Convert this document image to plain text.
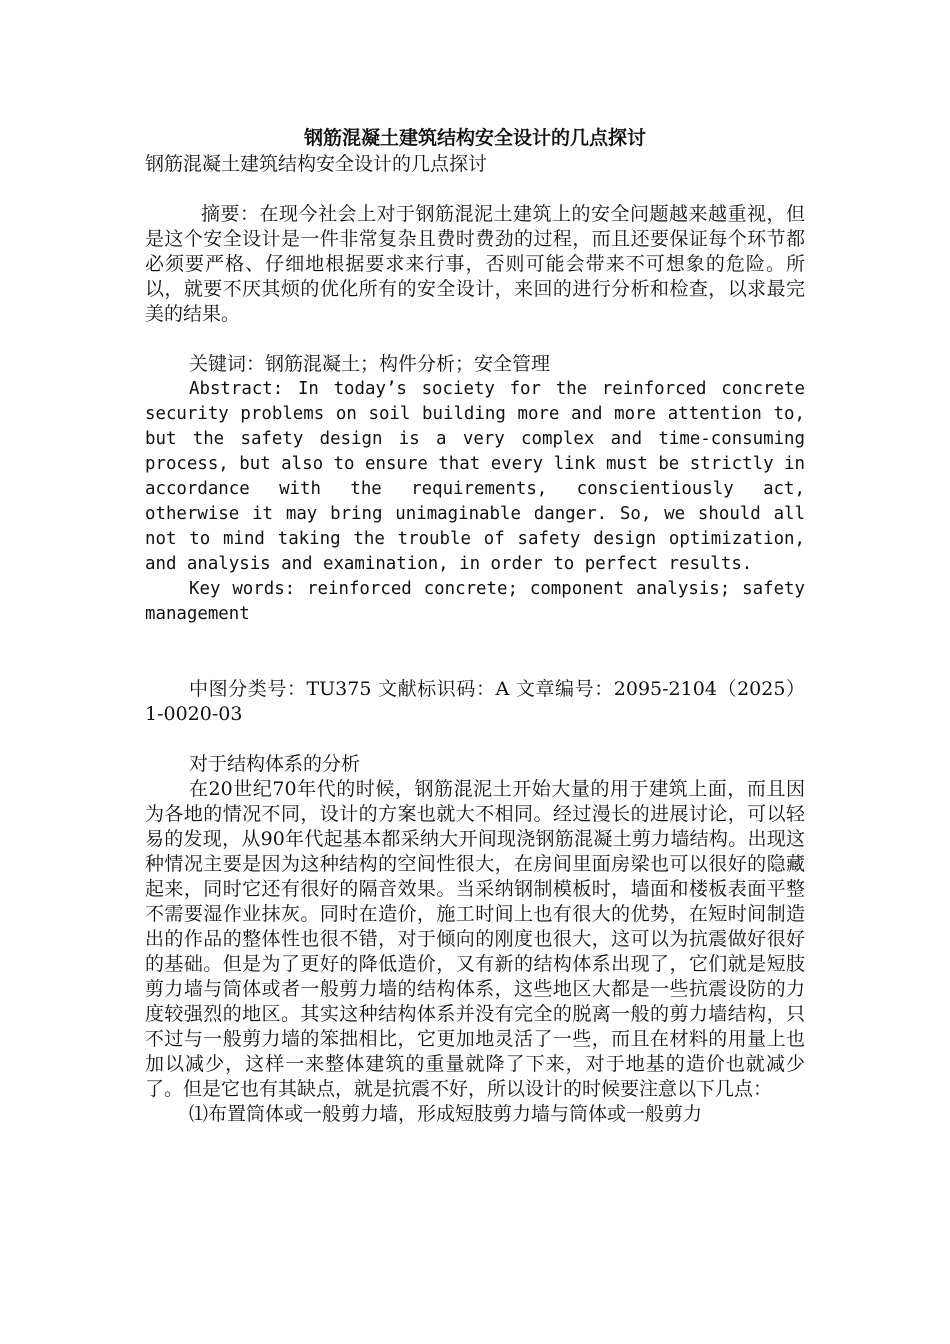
钢筋混凝土建筑结构安全设计的几点探讨

钢筋混凝土建筑结构安全设计的几点探讨

摘要：在现今社会上对于钢筋混泥土建筑上的安全问题越来越重视，但是这个安全设计是一件非常复杂且费时费劲的过程，而且还要保证每个环节都必须要严格、仔细地根据要求来行事，否则可能会带来不可想象的危险。所以，就要不厌其烦的优化所有的安全设计，来回的进行分析和检查，以求最完美的结果。

关键词：钢筋混凝土；构件分析；安全管理

Abstract: In today’s society for the reinforced concrete security problems on soil building more and more attention to, but the safety design is a very complex and time-consuming process, but also to ensure that every link must be strictly in accordance with the requirements, conscientiously act, otherwise it may bring unimaginable danger. So, we should all not to mind taking the trouble of safety design optimization, and analysis and examination, in order to perfect results.

Key words: reinforced concrete; component analysis; safety management

中图分类号：TU375 文献标识码：A 文章编号：2095-2104（2025）1-0020-03

对于结构体系的分析

在20世纪70年代的时候，钢筋混泥土开始大量的用于建筑上面，而且因为各地的情况不同，设计的方案也就大不相同。经过漫长的进展讨论，可以轻易的发现，从90年代起基本都采纳大开间现浇钢筋混凝土剪力墙结构。出现这种情况主要是因为这种结构的空间性很大，在房间里面房梁也可以很好的隐藏起来，同时它还有很好的隔音效果。当采纳钢制模板时，墙面和楼板表面平整不需要湿作业抹灰。同时在造价，施工时间上也有很大的优势，在短时间制造出的作品的整体性也很不错，对于倾向的刚度也很大，这可以为抗震做好很好的基础。但是为了更好的降低造价，又有新的结构体系出现了，它们就是短肢剪力墙与筒体或者一般剪力墙的结构体系，这些地区大都是一些抗震设防的力度较强烈的地区。其实这种结构体系并没有完全的脱离一般的剪力墙结构，只不过与一般剪力墙的笨拙相比，它更加地灵活了一些，而且在材料的用量上也加以减少，这样一来整体建筑的重量就降了下来，对于地基的造价也就减少了。但是它也有其缺点，就是抗震不好，所以设计的时候要注意以下几点：

⑴布置筒体或一般剪力墙，形成短肢剪力墙与筒体或一般剪力
